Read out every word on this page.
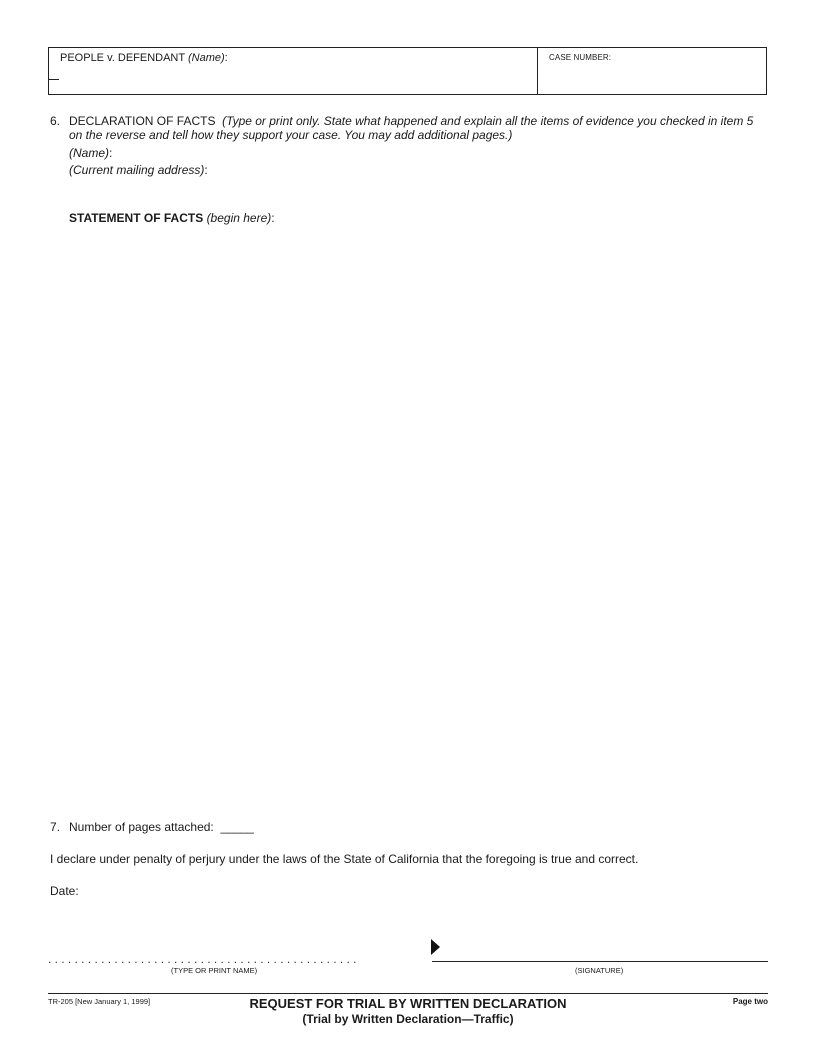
PEOPLE v. DEFENDANT (Name):	CASE NUMBER:
6. DECLARATION OF FACTS (Type or print only. State what happened and explain all the items of evidence you checked in item 5
on the reverse and tell how they support your case. You may add additional pages.)
(Name):
(Current mailing address):
STATEMENT OF FACTS (begin here):
7. Number of pages attached: _____
I declare under penalty of perjury under the laws of the State of California that the foregoing is true and correct.
Date:
...............................................
(TYPE OR PRINT NAME)	(SIGNATURE)
TR-205 [New January 1, 1999]	REQUEST FOR TRIAL BY WRITTEN DECLARATION
(Trial by Written Declaration—Traffic)
Page two
